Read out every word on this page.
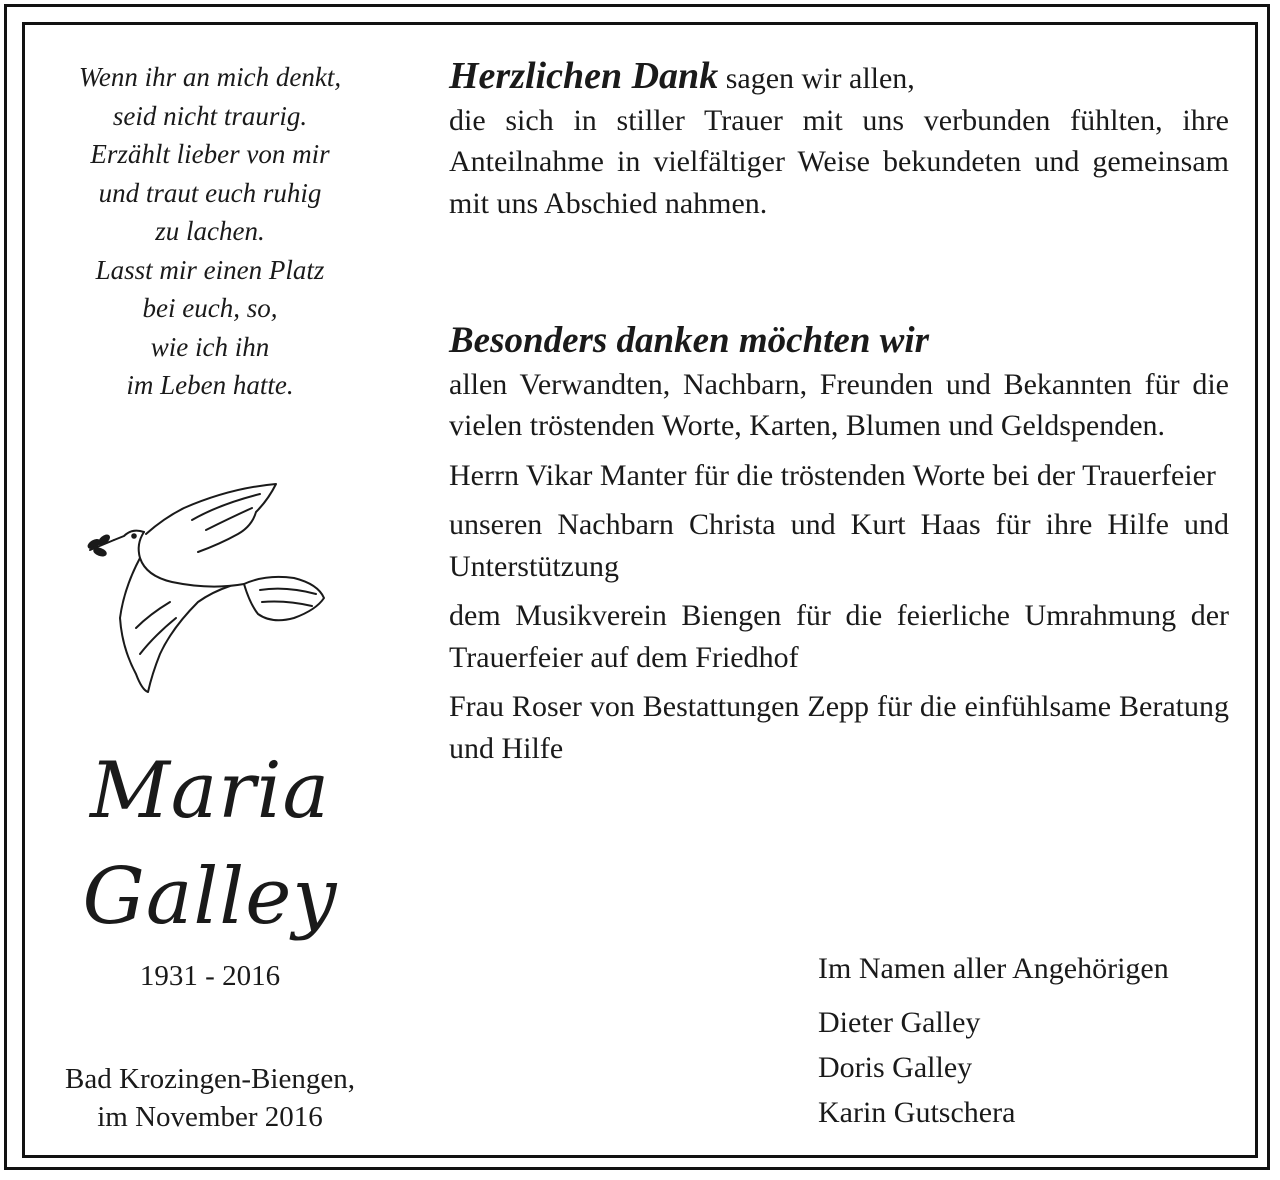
Wenn ihr an mich denkt,
seid nicht traurig.
Erzählt lieber von mir
und traut euch ruhig
zu lachen.
Lasst mir einen Platz
bei euch, so,
wie ich ihn
im Leben hatte.
Maria
Galley
1931 - 2016
Bad Krozingen-Biengen,
im November 2016
Herzlichen Dank sagen wir allen,
die sich in stiller Trauer mit uns verbunden fühlten, ihre Anteilnahme in vielfältiger Weise bekundeten und gemeinsam mit uns Abschied nahmen.
Besonders danken möchten wir
allen Verwandten, Nachbarn, Freunden und Bekannten für die vielen tröstenden Worte, Karten, Blumen und Geldspenden.
Herrn Vikar Manter für die tröstenden Worte bei der Trauerfeier
unseren Nachbarn Christa und Kurt Haas für ihre Hilfe und Unterstützung
dem Musikverein Biengen für die feierliche Umrahmung der Trauerfeier auf dem Friedhof
Frau Roser von Bestattungen Zepp für die einfühlsame Beratung und Hilfe
Im Namen aller Angehörigen
Dieter Galley
Doris Galley
Karin Gutschera
